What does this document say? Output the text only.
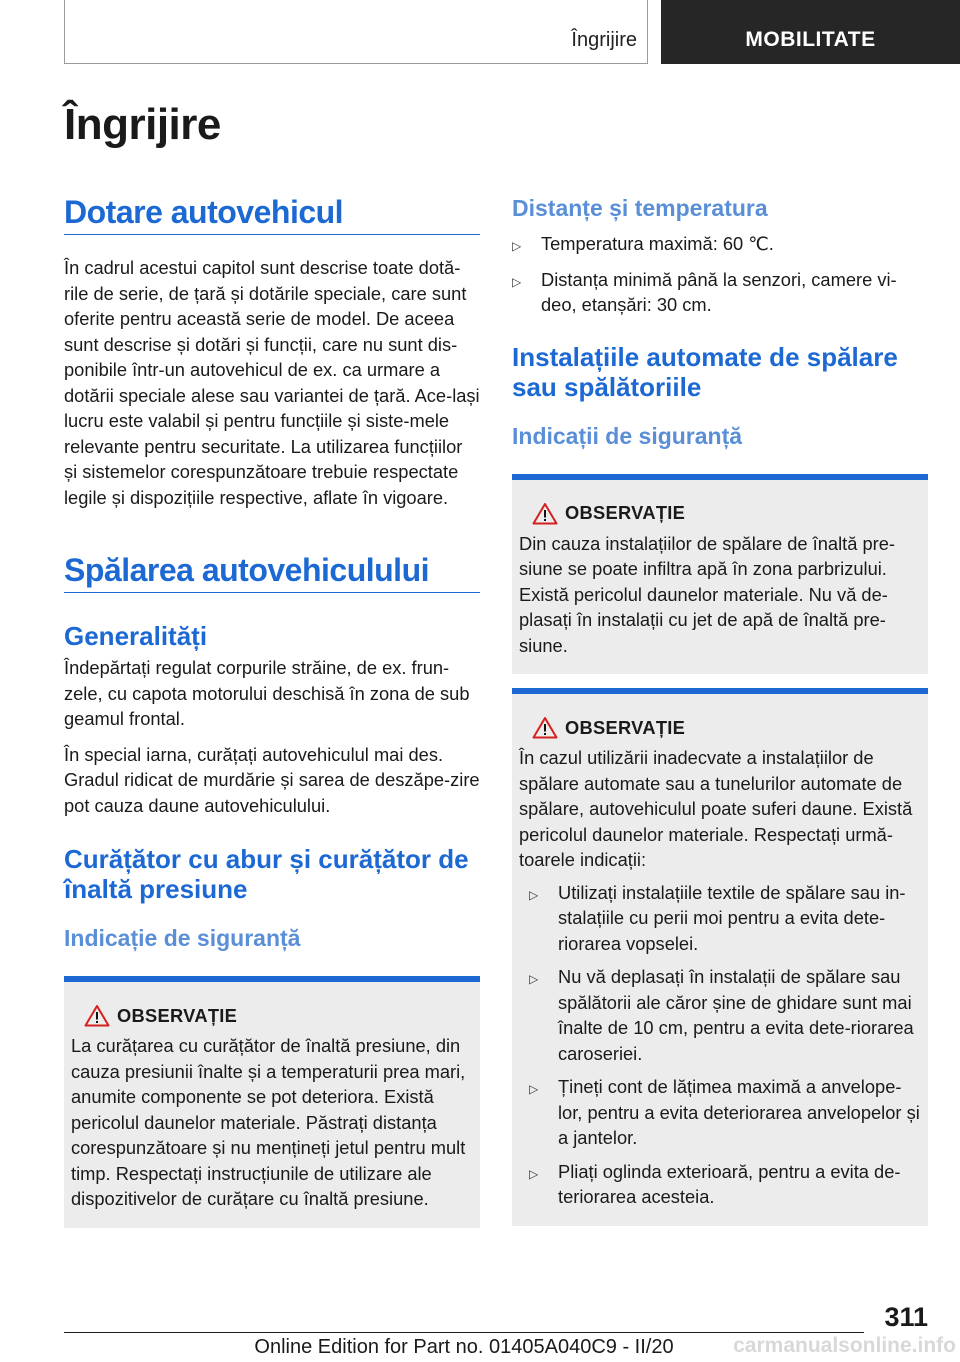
Îngrijire	MOBILITATE
Îngrijire
Dotare autovehicul

În cadrul acestui capitol sunt descrise toate dotă-rile de serie, de țară și dotările speciale, care sunt oferite pentru această serie de model. De aceea sunt descrise și dotări și funcții, care nu sunt dis-ponibile într-un autovehicul de ex. ca urmare a dotării speciale alese sau variantei de țară. Ace-lași lucru este valabil și pentru funcțiile și siste-mele relevante pentru securitate. La utilizarea funcțiilor și sistemelor corespunzătoare trebuie respectate legile și dispozițiile respective, aflate în vigoare.

Spălarea autovehiculului
Generalități

Îndepărtați regulat corpurile străine, de ex. frun-zele, cu capota motorului deschisă în zona de sub geamul frontal.

În special iarna, curățați autovehiculul mai des. Gradul ridicat de murdărie și sarea de deszăpe-zire pot cauza daune autovehiculului.

Curățător cu abur și curățător de înaltă presiune
Indicație de siguranță
OBSERVAȚIE

La curățarea cu curățător de înaltă presiune, din cauza presiunii înalte și a temperaturii prea mari, anumite componente se pot deteriora. Există pericolul daunelor materiale. Păstrați distanța corespunzătoare și nu mențineți jetul pentru mult timp. Respectați instrucțiunile de utilizare ale dispozitivelor de curățare cu înaltă presiune.

Distanțe și temperatura
▷ Temperatura maximă: 60 ℃.
▷ Distanța minimă până la senzori, camere vi-deo, etanșări: 30 cm.
Instalațiile automate de spălare sau spălătoriile
Indicații de siguranță
OBSERVAȚIE

Din cauza instalațiilor de spălare de înaltă pre-siune se poate infiltra apă în zona parbrizului. Există pericolul daunelor materiale. Nu vă de-plasați în instalații cu jet de apă de înaltă pre-siune.

OBSERVAȚIE

În cazul utilizării inadecvate a instalațiilor de spălare automate sau a tunelurilor automate de spălare, autovehiculul poate suferi daune. Există pericolul daunelor materiale. Respectați urmă-toarele indicații:

▷ Utilizați instalațiile textile de spălare sau in-stalațiile cu perii moi pentru a evita dete-riorarea vopselei.
▷ Nu vă deplasați în instalații de spălare sau spălătorii ale căror șine de ghidare sunt mai înalte de 10 cm, pentru a evita dete-riorarea caroseriei.
▷ Țineți cont de lățimea maximă a anvelope-lor, pentru a evita deteriorarea anvelopelor și a jantelor.
▷ Pliați oglinda exterioară, pentru a evita de-teriorarea acesteia.
311
Online Edition for Part no. 01405A040C9 - II/20	carmanualsonline.info
